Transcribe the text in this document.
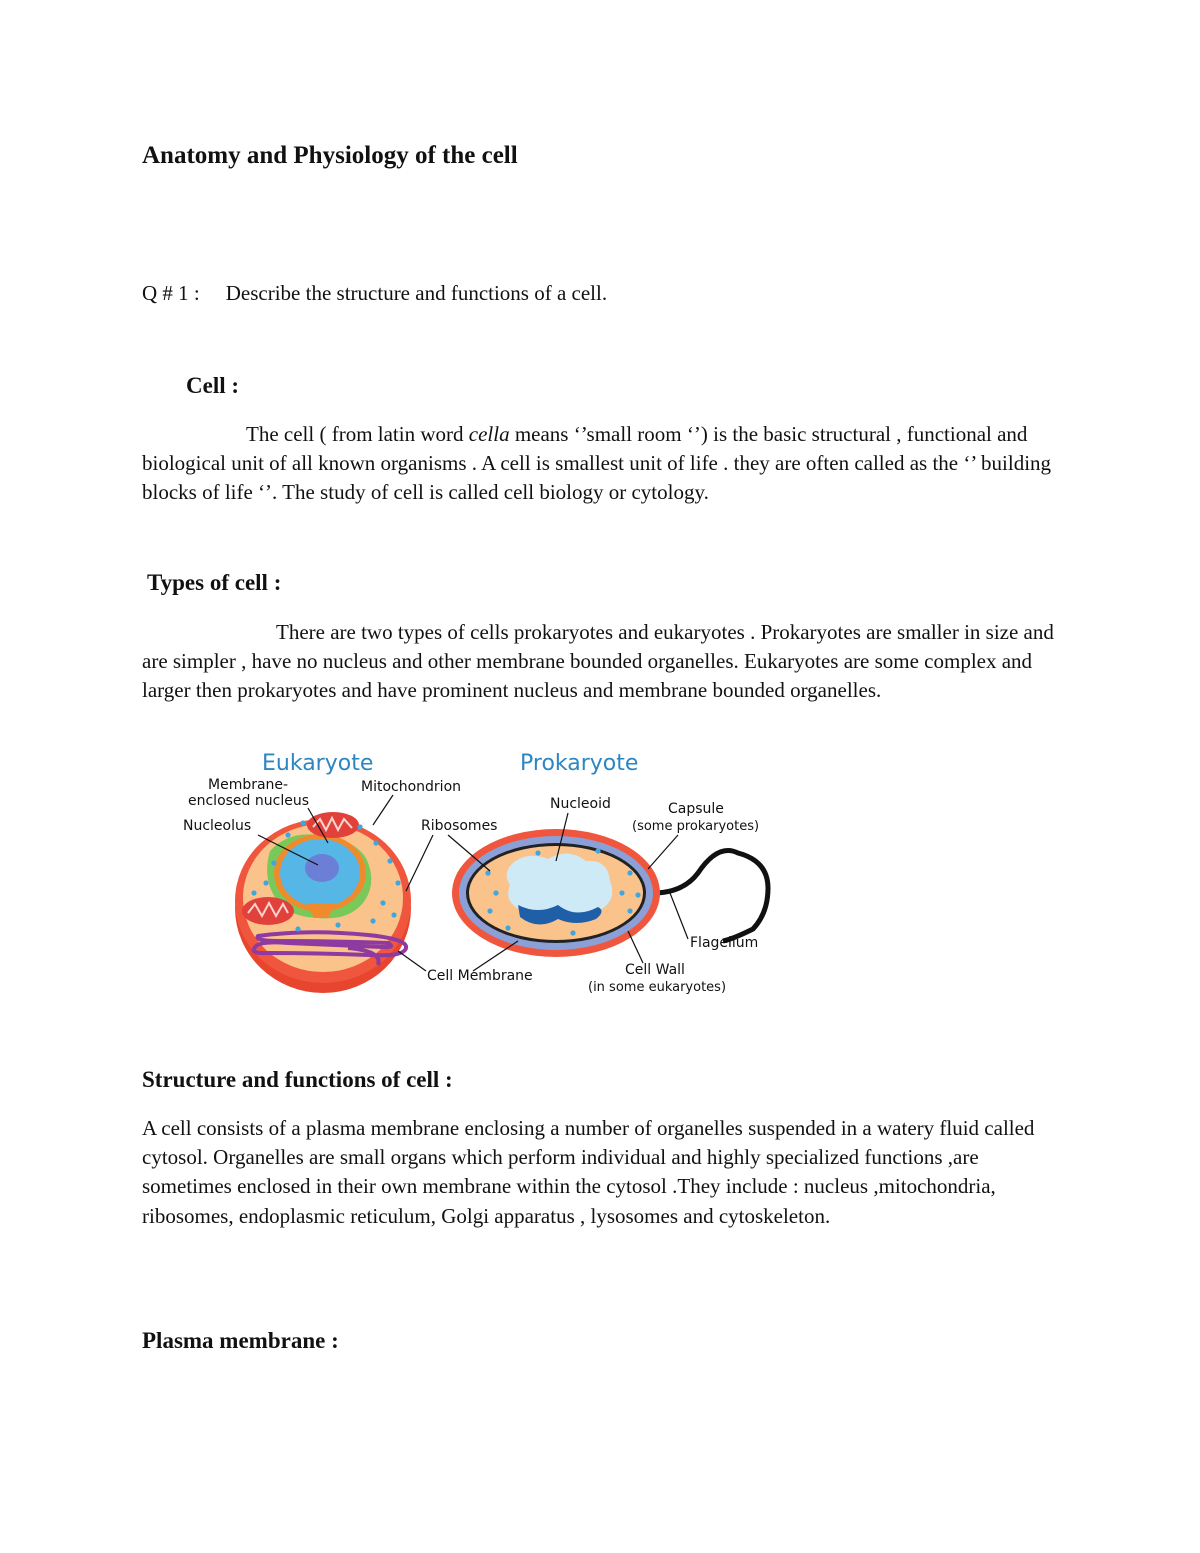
Anatomy and Physiology of the cell
Q # 1 : Describe the structure and functions of a cell.
Cell :
The cell ( from latin word cella means ‘’small room ‘’) is the basic structural , functional and biological unit of all known organisms . A cell is smallest unit of life . they are often called as the ‘’ building blocks of life ‘’. The study of cell is called cell biology or cytology.
Types of cell :
There are two types of cells prokaryotes and eukaryotes . Prokaryotes are smaller in size and are simpler , have no nucleus and other membrane bounded organelles. Eukaryotes are some complex and larger then prokaryotes and have prominent nucleus and membrane bounded organelles.
Eukaryote	Prokaryote
Membrane-
enclosed nucleus
Mitochondrion
Nucleolus	Ribosomes
Nucleoid	Capsule
(some prokaryotes)
Flagellum
Cell Membrane	Cell Wall
(in some eukaryotes)
Structure and functions of cell :
A cell consists of a plasma membrane enclosing a number of organelles suspended in a watery fluid called cytosol. Organelles are small organs which perform individual and highly specialized functions ,are sometimes enclosed in their own membrane within the cytosol .They include : nucleus ,mitochondria, ribosomes, endoplasmic reticulum, Golgi apparatus , lysosomes and cytoskeleton.
Plasma membrane :
